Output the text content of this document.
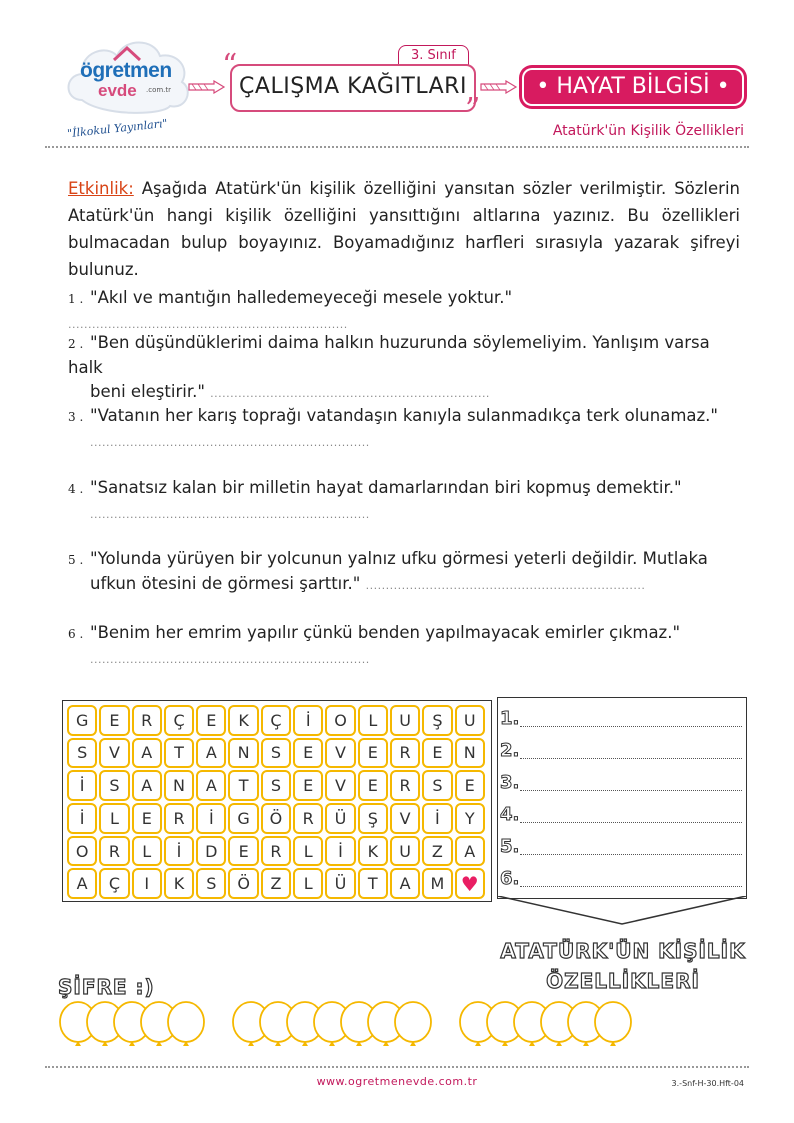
ögretmen
evde .com.tr
"İlkokul Yayınları"
3. Sınıf
“
ÇALIŞMA KAĞITLARI
”
• HAYAT BİLGİSİ •
Atatürk'ün Kişilik Özellikleri
Etkinlik: Aşağıda Atatürk'ün kişilik özelliğini yansıtan sözler verilmiştir. Sözlerin Atatürk'ün hangi kişilik özelliğini yansıttığını altlarına yazınız. Bu özellikleri bulmacadan bulup boyayınız. Boyamadığınız harfleri sırasıyla yazarak şifreyi bulunuz.
1 . "Akıl ve mantığın halledemeyeceği mesele yoktur." ......................................................................
2 . "Ben düşündüklerimi daima halkın huzurunda söylemeliyim. Yanlışım varsa halk
beni eleştirir." ......................................................................
3 . "Vatanın her karış toprağı vatandaşın kanıyla sulanmadıkça terk olunamaz."
......................................................................
4 . "Sanatsız kalan bir milletin hayat damarlarından biri kopmuş demektir."
......................................................................
5 . "Yolunda yürüyen bir yolcunun yalnız ufku görmesi yeterli değildir. Mutlaka
ufkun ötesini de görmesi şarttır." ......................................................................
6 . "Benim her emrim yapılır çünkü benden yapılmayacak emirler çıkmaz."
......................................................................
G	E	R	Ç	E	K	Ç	İ	O	L	U	Ş	U
S	V	A	T	A	N	S	E	V	E	R	E	N
İ	S	A	N	A	T	S	E	V	E	R	S	E
İ	L	E	R	İ	G	Ö	R	Ü	Ş	V	İ	Y
O	R	L	İ	D	E	R	L	İ	K	U	Z	A
A	Ç	I	K	S	Ö	Z	L	Ü	T	A	M ♥
1.
2.
3.
4.
5.
6.
ATATÜRK'ÜN KİŞİLİK
ÖZELLİKLERİ
ŞİFRE :)
www.ogretmenevde.com.tr	3.-Snf-H-30.Hft-04
